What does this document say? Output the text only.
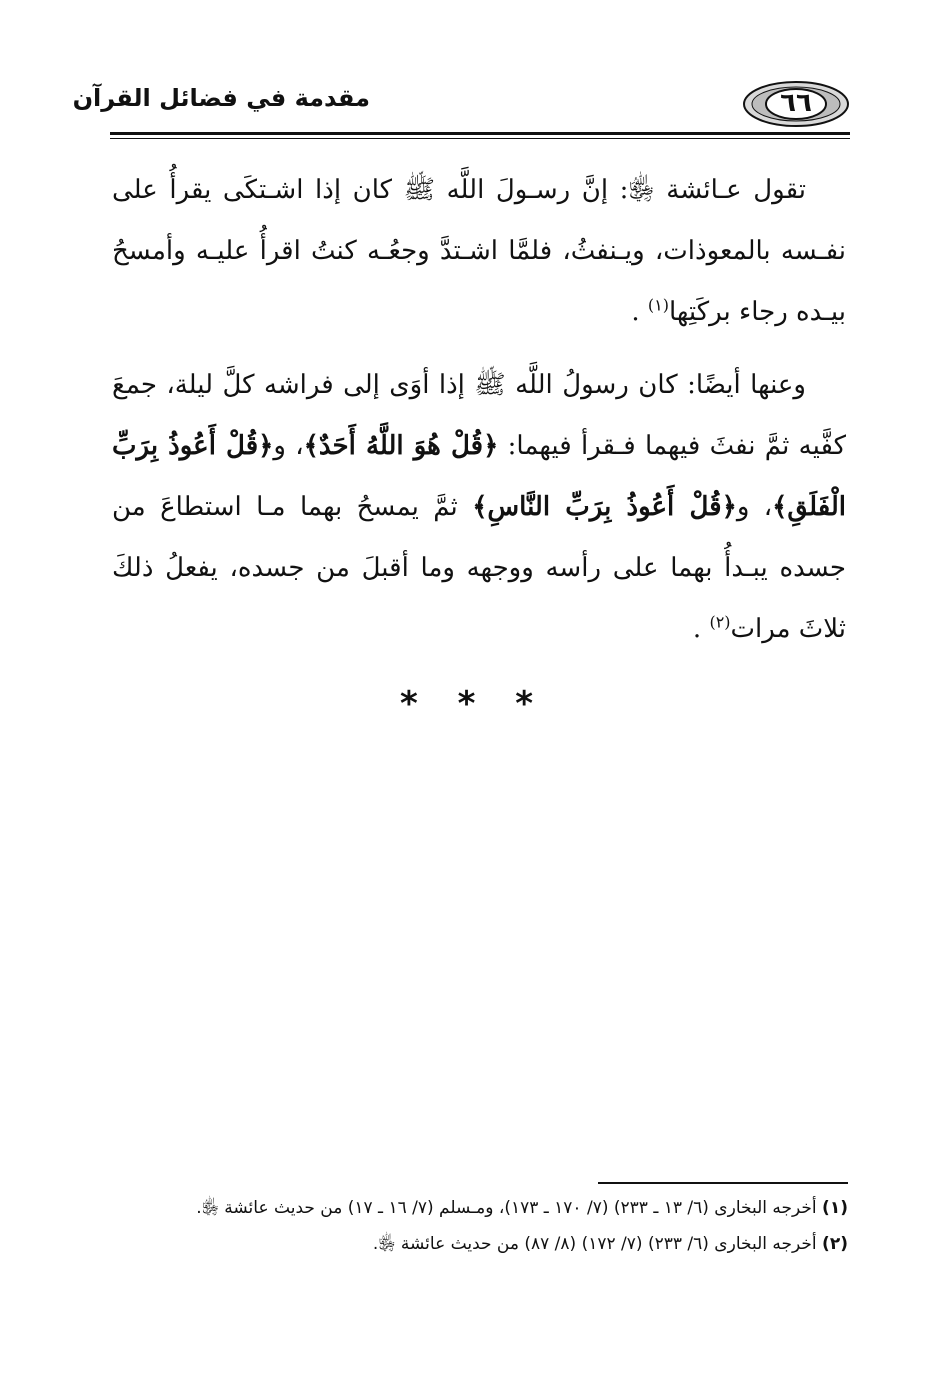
مقدمة في فضائل القرآن	٦٦

تقول عـائشة ﵂: إنَّ رسـولَ اللَّه ﷺ كان إذا اشـتكَى يقرأُ على نفـسه بالمعوذات، ويـنفثُ، فلمَّا اشـتدَّ وجعُـه كنتُ اقرأُ عليـه وأمسحُ بيـده رجاء بركَتِها$^{(١)}$ .

وعنها أيضًا: كان رسولُ اللَّه ﷺ إذا أوَى إلى فراشه كلَّ ليلة، جمعَ كفَّيه ثمَّ نفثَ فيهما فـقرأ فيهما: ﴿قُلْ هُوَ اللَّهُ أَحَدٌ﴾، و﴿قُلْ أَعُوذُ بِرَبِّ الْفَلَقِ﴾، و﴿قُلْ أَعُوذُ بِرَبِّ النَّاسِ﴾ ثمَّ يمسحُ بهما مـا استطاعَ من جسده يبـدأُ بهما على رأسه ووجهه وما أقبلَ من جسده، يفعلُ ذلكَ ثلاثَ مرات$^{(٢)}$ .

* * *

(١) أخرجه البخارى (٦/ ١٣ ـ ٢٣٣) (٧/ ١٧٠ ـ ١٧٣)، ومـسلم (٧/ ١٦ ـ ١٧) من حديث عائشة ﵂.

(٢) أخرجه البخارى (٦/ ٢٣٣) (٧/ ١٧٢) (٨/ ٨٧) من حديث عائشة ﵂.
